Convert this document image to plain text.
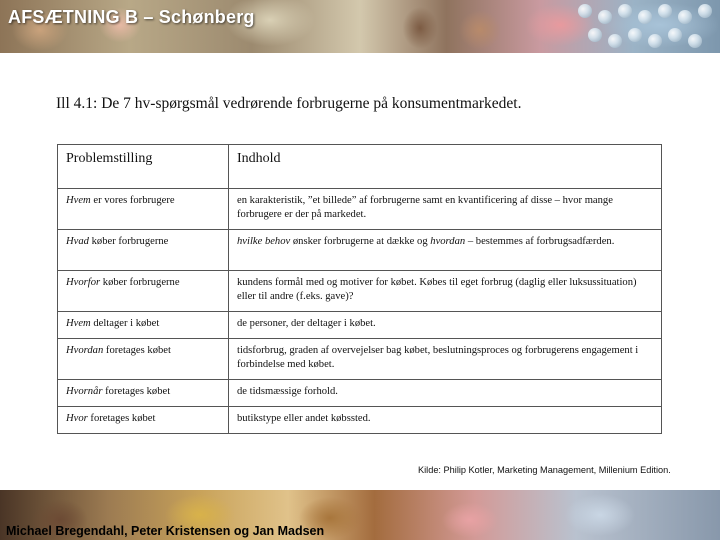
AFSÆTNING B – Schønberg
Ill 4.1: De 7 hv-spørgsmål vedrørende forbrugerne på konsumentmarkedet.
Problemstilling	Indhold
Hvem er vores forbrugere	en karakteristik, ”et billede” af forbrugerne samt en kvantificering af disse – hvor mange forbrugere er der på markedet.
Hvad køber forbrugerne	hvilke behov ønsker forbrugerne at dække og hvordan – bestemmes af forbrugsadfærden.
Hvorfor køber forbrugerne	kundens formål med og motiver for købet. Købes til eget forbrug (daglig eller luksussituation) eller til andre (f.eks. gave)?
Hvem deltager i købet	de personer, der deltager i købet.
Hvordan foretages købet	tidsforbrug, graden af overvejelser bag købet, beslutningsproces og forbrugerens engagement i forbindelse med købet.
Hvornår foretages købet	de tidsmæssige forhold.
Hvor foretages købet	butikstype eller andet købssted.
Kilde: Philip Kotler, Marketing Management, Millenium Edition.
Michael Bregendahl, Peter Kristensen og Jan Madsen
